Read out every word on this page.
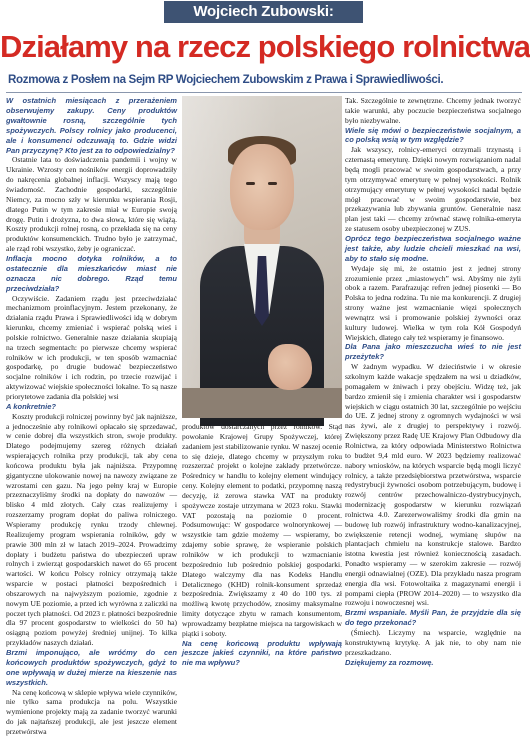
Wojciech Zubowski:
Działamy na rzecz polskiego rolnictwa
Rozmowa z Posłem na Sejm RP Wojciechem Zubowskim z Prawa i Sprawiedliwości.

W ostatnich miesiącach z przerażeniem obserwujemy zakupy. Ceny produktów gwałtownie rosną, szczególnie tych spożywczych. Polscy rolnicy jako producenci, ale i konsumenci odczuwają to. Gdzie widzi Pan przyczynę? Kto jest za to odpowiedzialny?

Ostatnie lata to doświadczenia pandemii i wojny w Ukrainie. Wzrosty cen nośników energii doprowadziły do nakręcenia globalnej inflacji. Wszyscy mają tego świadomość. Zachodnie gospodarki, szczególnie Niemcy, za mocno szły w kierunku wspierania Rosji, dlatego Putin w tym zakresie miał w Europie swoją drogę. Putin i drożyzna, to dwa słowa, które się wiążą. Koszty produkcji rolnej rosną, co przekłada się na ceny produktów konsumenckich. Trudno było je zatrzymać, ale rząd robi wszystko, żeby je ograniczać.

Inflacja mocno dotyka rolników, a to ostatecznie dla mieszkańców miast nie oznacza nic dobrego. Rząd temu przeciwdziała?

Oczywiście. Zadaniem rządu jest przeciwdziałać mechanizmom proinflacyjnym. Jestem przekonany, że działania rządu Prawa i Sprawiedliwości idą w dobrym kierunku, chcemy zmieniać i wspierać polską wieś i polskie rolnictwo. Generalnie nasze działania skupiają na trzech segmentach: po pierwsze chcemy wspierać rolników w ich produkcji, w ten sposób wzmacniać gospodarkę, po drugie budować bezpieczeństwo socjalne rolników i ich rodzin, po trzecie rozwijać i aktywizować wiejskie społeczności lokalne. To są nasze priorytetowe zadania dla polskiej wsi

A konkretnie?

Koszty produkcji rolniczej powinny być jak najniższe, a jednocześnie aby rolnikowi opłacało się sprzedawać, w cenie dobrej dla wszystkich stron, swoje produkty. Dlatego podejmujemy szereg różnych działań wspierających rolnika przy produkcji, tak aby cena końcowa produktu była jak najniższa. Przypomnę gigantyczne ulokowanie nowej na nawozy związane ze wzrostami cen gazu. Na jego pełny kraj w Europie przeznaczyliśmy środki na dopłaty do nawozów — blisko 4 mld złotych. Cały czas realizujemy i rozszerzamy program dopłat do paliwa rolniczego. Wspieramy produkcję rynku trzody chlewnej. Realizujemy program wspierania rolników, gdy w prawie 300 mln zł w latach 2019–2024. Prowadzimy dopłaty i budżetu państwa do ubezpieczeń upraw rolnych i zwierząt gospodarskich nawet do 65 procent wartości. W końcu Polscy rolnicy otrzymają także wsparcie w postaci płatności bezpośrednich i obszarowych na najwyższym poziomie, zgodnie z nowym UE poziomie, a przed ich wyrówna z zaliczki na poczet tych płatności. Od 2023 r. płatności bezpośrednie dla 97 procent gospodarstw to wielkości do 50 ha) osiągną poziom powyżej średniej unijnej. To kilka przykładów naszych działań.

Brzmi imponująco, ale wróćmy do cen końcowych produktów spożywczych, gdyż to one wpływają w dużej mierze na kieszenie nas wszystkich.

Na cenę końcową w sklepie wpływa wiele czynników, nie tylko sama produkcja na polu. Wszystkie wymienione projekty mają za zadanie tworzyć warunki do jak najtańszej produkcji, ale jest jeszcze element przetwórstwa

produktów dostarczanych przez rolników. Stąd powołanie Krajowej Grupy Spożywczej, której zadaniem jest stabilizowanie rynku. W naszej ocenie to się dzieje, dlatego chcemy w przyszłym roku rozszerzać projekt o kolejne zakłady przetwórcze. Pośrednicy w handlu to kolejny element windujący ceny. Kolejny element to podatki, przypomnę naszą decyzję, iż zerowa stawka VAT na produkty spożywcze zostaje utrzymana w 2023 roku. Stawki VAT pozostają na poziomie 0 procent. Podsumowując: W gospodarce wolnorynkowej — wszystkie tam gdzie możemy — wspieramy, bo zdajemy sobie sprawę, że wspieranie polskich rolników w ich produkcji to wzmacnianie bezpośrednio lub pośrednio polskiej gospodarki. Dlatego walczymy dla nas Kodeks Handlu Detalicznego (KHD) rolnik-konsument sprzedaż bezpośrednia. Zwiększamy z 40 do 100 tys. zł możliwą kwotę przychodów, znosimy maksymalne limity dotyczące zbytu w ramach konsumentom, wprowadzamy bezpłatne miejsca na targowiskach w piątki i soboty.

Na cenę końcową produktu wpływają jeszcze jakieś czynniki, na które państwo nie ma wpływu?

Tak. Szczególnie te zewnętrzne. Chcemy jednak tworzyć takie warunki, aby poczucie bezpieczeństwa socjalnego było niezbywalne.

Wiele się mówi o bezpieczeństwie socjalnym, a co polską wsią w tym względzie?

Jak wszyscy, rolnicy-emeryci otrzymali trzynastą i czternastą emeryturę. Dzięki nowym rozwiązaniom nadal będą mogli pracować w swoim gospodarstwach, a przy tym otrzymywać emeryturę w pełnej wysokości. Rolnik otrzymujący emeryturę w pełnej wysokości nadal będzie mógł pracować w swoim gospodarstwie, bez przekazywania lub zbywania gruntów. Generalnie nasz plan jest taki — chcemy zrównać stawę rolnika-emeryta ze statusem osoby ubezpieczonej w ZUS.

Oprócz tego bezpieczeństwa socjalnego ważne jest także, aby ludzie chcieli mieszkać na wsi, aby to stało się modne.

Wydaje się mi, że ostatnio jest z jednej strony zrozumienie przez „miastowych” wsi. Abyśmy nie żyli obok a razem. Parafrazując refren jednej piosenki — Bo Polska to jedna rodzina. Tu nie ma konkurencji. Z drugiej strony ważne jest wzmacnianie więzi społecznych wewnątrz wsi i promowanie polskiej żywności oraz kultury ludowej. Wielka w tym rola Kół Gospodyń Wiejskich, dlatego cały też wspieramy je finansowo.

Dla Pana jako mieszczucha wieś to nie jest przeżytek?

W żadnym wypadku. W dzieciństwie i w okresie szkolnym każde wakacje spędzałem na wsi u dziadków, pomagałem w żniwach i przy obejściu. Widzę też, jak bardzo zmienił się i zmienia charakter wsi i gospodarstw wiejskich w ciągu ostatnich 30 lat, szczególnie po wejściu do UE. Z jednej strony z ogromnych wydajności w wsi nas żywi, ale z drugiej to perspektywy i rozwój. Zwiększony przez Radę UE Krajowy Plan Odbudowy dla Rolnictwa, za który odpowiada Ministerstwo Rolnictwa to budżet 9,4 mld euro. W 2023 będziemy realizować nabory wniosków, na których wsparcie będą mogli liczyć rolnicy, a także przedsiębiorstwa przetwórstwa, wsparcie redystrybucji żywności osobom potrzebującym, budowę i rozwój centrów przechowalniczo-dystrybucyjnych, modernizację gospodarstw w kierunku rozwiązań rolnictwa 4.0. Zarezerwowaliśmy środki dla gmin na budowę lub rozwój infrastruktury wodno-kanalizacyjnej, zwiększenie retencji wodnej, wymianę słupów na plantacjach chmielu na konstrukcje stalowe. Bardzo istotna kwestia jest również koniecznością zasadach. Ponadto wspieramy — w szerokim zakresie — rozwój energii odnawialnej (OZE). Dla przykładu nasza program energia dla wsi. Fotowoltaika z magazynami energii i pompami ciepła (PROW 2014–2020) — to wszystko dla rozwoju i nowoczesnej wsi.

Brzmi wspaniale. Myśli Pan, że przyjdzie dla się do tego przekonać?

(Śmiech). Liczymy na wsparcie, względnie na konstruktywną krytykę. A jak nie, to oby nam nie przeszkadzano.

Dziękujemy za rozmowę.
